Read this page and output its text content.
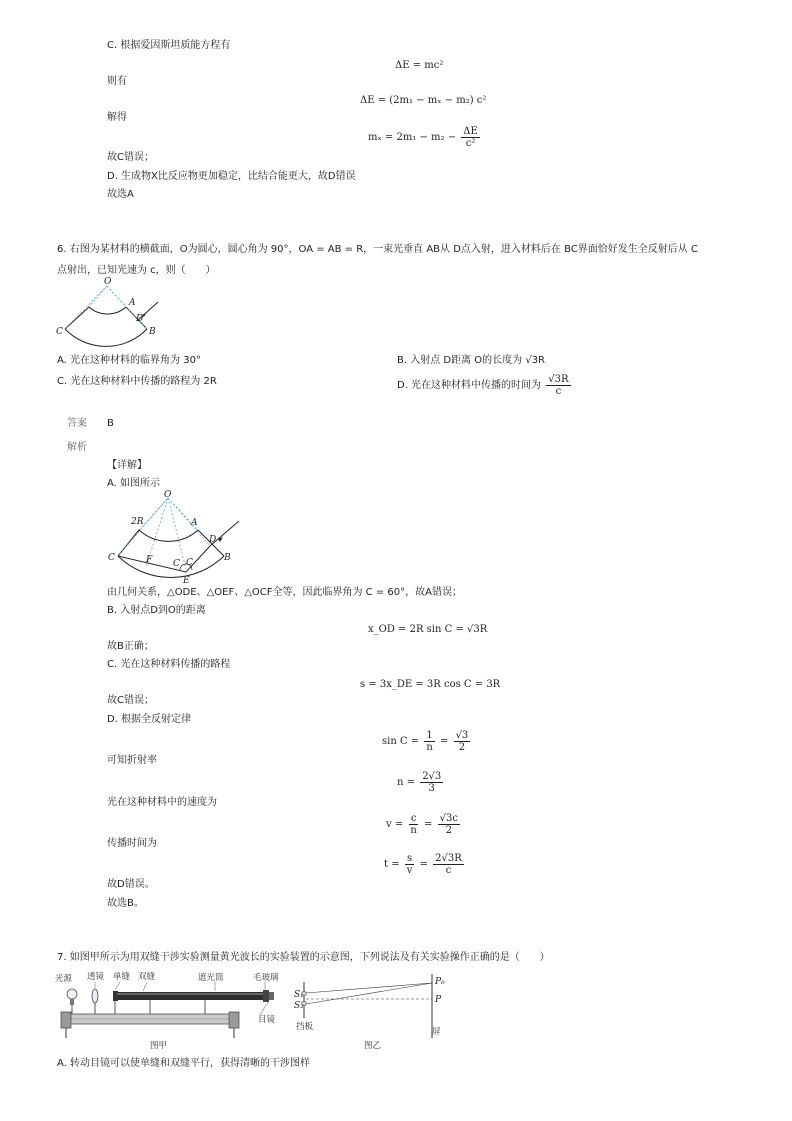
C. 根据爱因斯坦质能方程有
ΔE = mc²
则有
ΔE = (2m₁ − mₓ − m₂) c²
解得
$m_x = 2m_1 - m_2 - \frac{\Delta E}{\text{c²}}$
故C错误；
D. 生成物X比反应物更加稳定，比结合能更大，故D错误
故选A
6. 右图为某材料的横截面，O为圆心，圆心角为 90°，OA = AB = R，一束光垂直 AB从 D点入射，进入材料后在 BC界面恰好发生全反射后从 C
点射出，已知光速为 c，则（　　）
O
A
D
B
C
A. 光在这种材料的临界角为 30°	B. 入射点 D距离 O的长度为 √3R
C. 光在这种材料中传播的路程为 2R	D. 光在这种材料中传播的时间为 $\frac{√3R}{c}$
答案 B
解析
【详解】
A. 如图所示
O
2R	A
D
B
C	F C C
E
由几何关系，△ODE、△OEF、△OCF全等，因此临界角为 C = 60°，故A错误；
B. 入射点D到O的距离
x_OD = 2R sin C = √3R
故B正确；
C. 光在这种材料传播的路程
s = 3x_DE = 3R cos C = 3R
故C错误；
D. 根据全反射定律
$\sin C = \frac{1}{n} = \frac{√3}{2}$
可知折射率
$n = \frac{2√3}{3}$
光在这种材料中的速度为
$v = \frac{c}{n} = \frac{√3c}{2}$
传播时间为
$t = \frac{s}{v} = \frac{2√3R}{c}$
故D错误。
故选B。
7. 如图甲所示为用双缝干涉实验测量黄光波长的实验装置的示意图，下列说法及有关实验操作正确的是（　　）
光源 透镜 单缝 双缝	遮光筒	毛玻璃
目镜
图甲
S₁
S₂
P₀
P
挡板	屏
图乙
A. 转动目镜可以使单缝和双缝平行，获得清晰的干涉图样
